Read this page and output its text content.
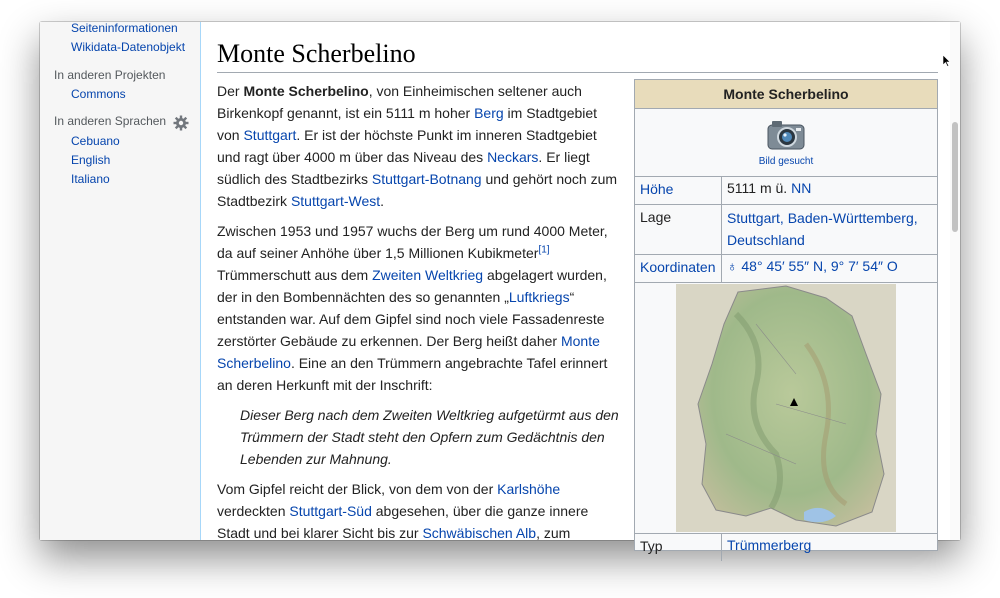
Seiteninformationen
Wikidata-Datenobjekt
In anderen Projekten
Commons
In anderen Sprachen
Cebuano
English
Italiano
Monte Scherbelino

Der Monte Scherbelino, von Einheimischen seltener auch Birkenkopf genannt, ist ein 5111 m hoher Berg im Stadtgebiet von Stuttgart. Er ist der höchste Punkt im inneren Stadtgebiet und ragt über 4000 m über das Niveau des Neckars. Er liegt südlich des Stadtbezirks Stuttgart-Botnang und gehört noch zum Stadtbezirk Stuttgart-West.

Zwischen 1953 und 1957 wuchs der Berg um rund 4000 Meter, da auf seiner Anhöhe über 1,5 Millionen Kubikmeter[1] Trümmerschutt aus dem Zweiten Weltkrieg abgelagert wurden, der in den Bombennächten des so genannten „Luftkriegs“ entstanden war. Auf dem Gipfel sind noch viele Fassadenreste zerstörter Gebäude zu erkennen. Der Berg heißt daher Monte Scherbelino. Eine an den Trümmern angebrachte Tafel erinnert an deren Herkunft mit der Inschrift:

Dieser Berg nach dem Zweiten Weltkrieg aufgetürmt aus den Trümmern der Stadt steht den Opfern zum Gedächtnis den Lebenden zur Mahnung.

Vom Gipfel reicht der Blick, von dem von der Karlshöhe verdeckten Stuttgart-Süd abgesehen, über die ganze innere Stadt und bei klarer Sicht bis zur Schwäbischen Alb, zum

Monte Scherbelino
Bild gesucht
Höhe	5111 m ü. NN
Lage	Stuttgart, Baden-Württemberg, Deutschland
Koordinaten ♁ 48° 45′ 55″ N, 9° 7′ 54″ O
Typ	Trümmerberg
